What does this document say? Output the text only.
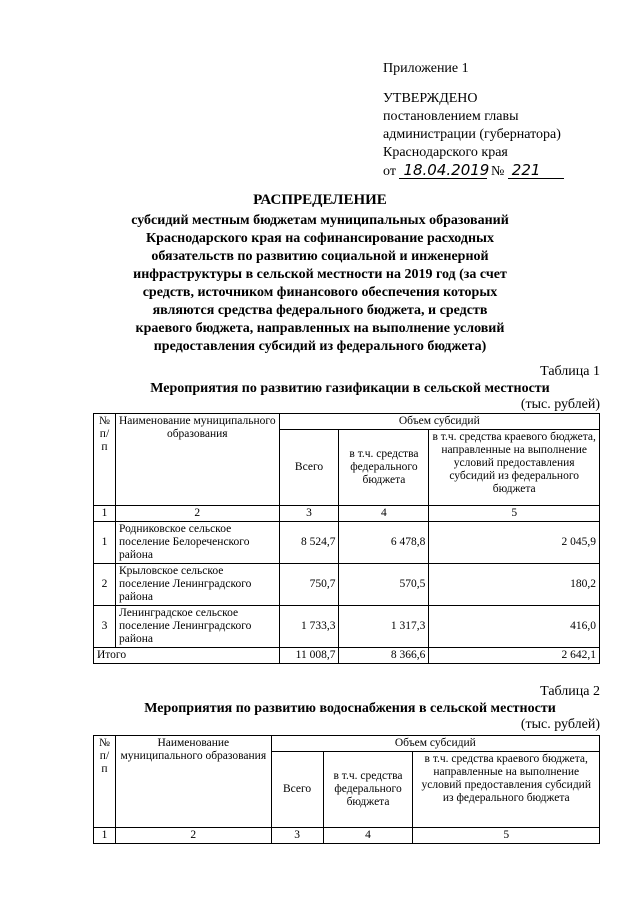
Приложение 1
УТВЕРЖДЕНО
постановлением главы
администрации (губернатора)
Краснодарского края
от 18.04.2019 № 221
РАСПРЕДЕЛЕНИЕ
субсидий местным бюджетам муниципальных образований Краснодарского края на софинансирование расходных обязательств по развитию социальной и инженерной инфраструктуры в сельской местности на 2019 год (за счет средств, источником финансового обеспечения которых являются средства федерального бюджета, и средств краевого бюджета, направленных на выполнение условий предоставления субсидий из федерального бюджета)
Таблица 1
Мероприятия по развитию газификации в сельской местности
(тыс. рублей)
№ п/п	Наименование муниципального образования	Объем субсидий		
		Всего	в т.ч. средства федерального бюджета	в т.ч. средства краевого бюджета, направленные на выполнение условий предоставления субсидий из федерального бюджета
1	2	3	4	5
1	Родниковское сельское поселение Белореченского района	8 524,7	6 478,8	2 045,9
2	Крыловское сельское поселение Ленинградского района	750,7	570,5	180,2
3	Ленинградское сельское поселение Ленинградского района	1 733,3	1 317,3	416,0
Итого		11 008,7	8 366,6	2 642,1
Таблица 2
Мероприятия по развитию водоснабжения в сельской местности
(тыс. рублей)
№ п/п	Наименование муниципального образования	Объем субсидий		
		Всего	в т.ч. средства федерального бюджета	в т.ч. средства краевого бюджета, направленные на выполнение условий предоставления субсидий из федерального бюджета
1	2	3	4	5
